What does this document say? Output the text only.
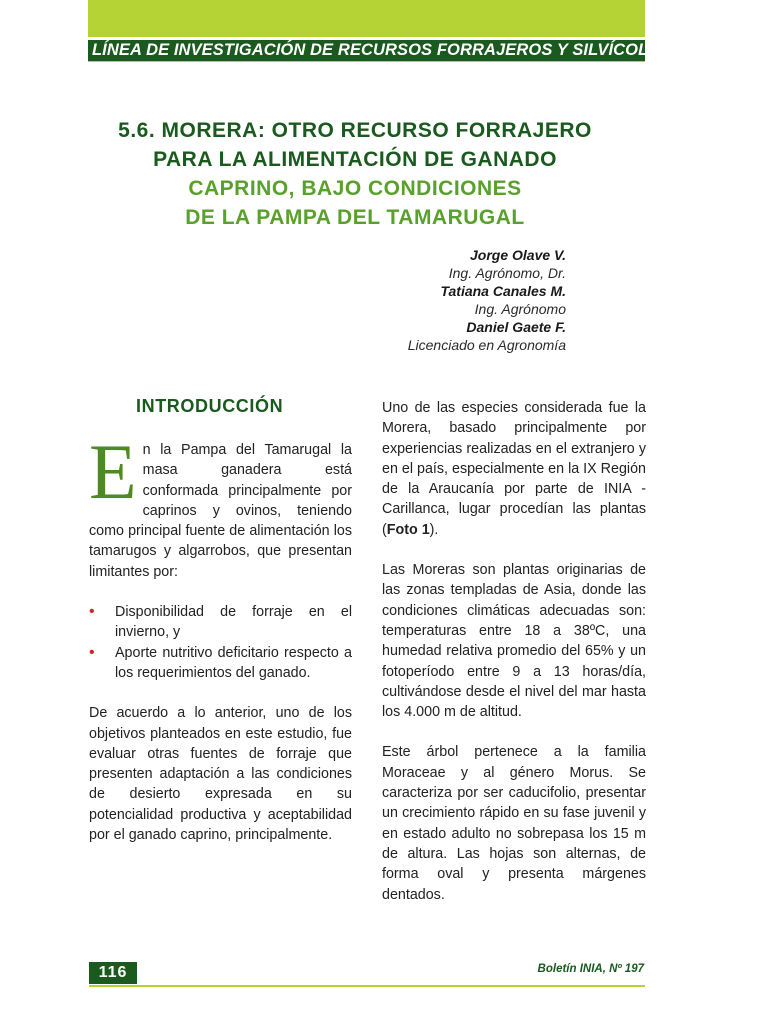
LÍNEA DE INVESTIGACIÓN DE RECURSOS FORRAJEROS Y SILVÍCOLA
5.6. MORERA: OTRO RECURSO FORRAJERO
PARA LA ALIMENTACIÓN DE GANADO
CAPRINO, BAJO CONDICIONES
DE LA PAMPA DEL TAMARUGAL
Jorge Olave V.
Ing. Agrónomo, Dr.
Tatiana Canales M.
Ing. Agrónomo
Daniel Gaete F.
Licenciado en Agronomía
INTRODUCCIÓN

En la Pampa del Tamarugal la masa ganadera está conformada principalmente por caprinos y ovinos, teniendo como principal fuente de alimentación los tamarugos y algarrobos, que presentan limitantes por:

• Disponibilidad de forraje en el invierno, y
• Aporte nutritivo deficitario respecto a los requerimientos del ganado.

De acuerdo a lo anterior, uno de los objetivos planteados en este estudio, fue evaluar otras fuentes de forraje que presenten adaptación a las condiciones de desierto expresada en su potencialidad productiva y aceptabilidad por el ganado caprino, principalmente.

Uno de las especies considerada fue la Morera, basado principalmente por experiencias realizadas en el extranjero y en el país, especialmente en la IX Región de la Araucanía por parte de INIA - Carillanca, lugar procedían las plantas (Foto 1).

Las Moreras son plantas originarias de las zonas templadas de Asia, donde las condiciones climáticas adecuadas son: temperaturas entre 18 a 38ºC, una humedad relativa promedio del 65% y un fotoperíodo entre 9 a 13 horas/día, cultivándose desde el nivel del mar hasta los 4.000 m de altitud.

Este árbol pertenece a la familia Moraceae y al género Morus. Se caracteriza por ser caducifolio, presentar un crecimiento rápido en su fase juvenil y en estado adulto no sobrepasa los 15 m de altura. Las hojas son alternas, de forma oval y presenta márgenes dentados.

116	Boletín INIA, Nº 197
